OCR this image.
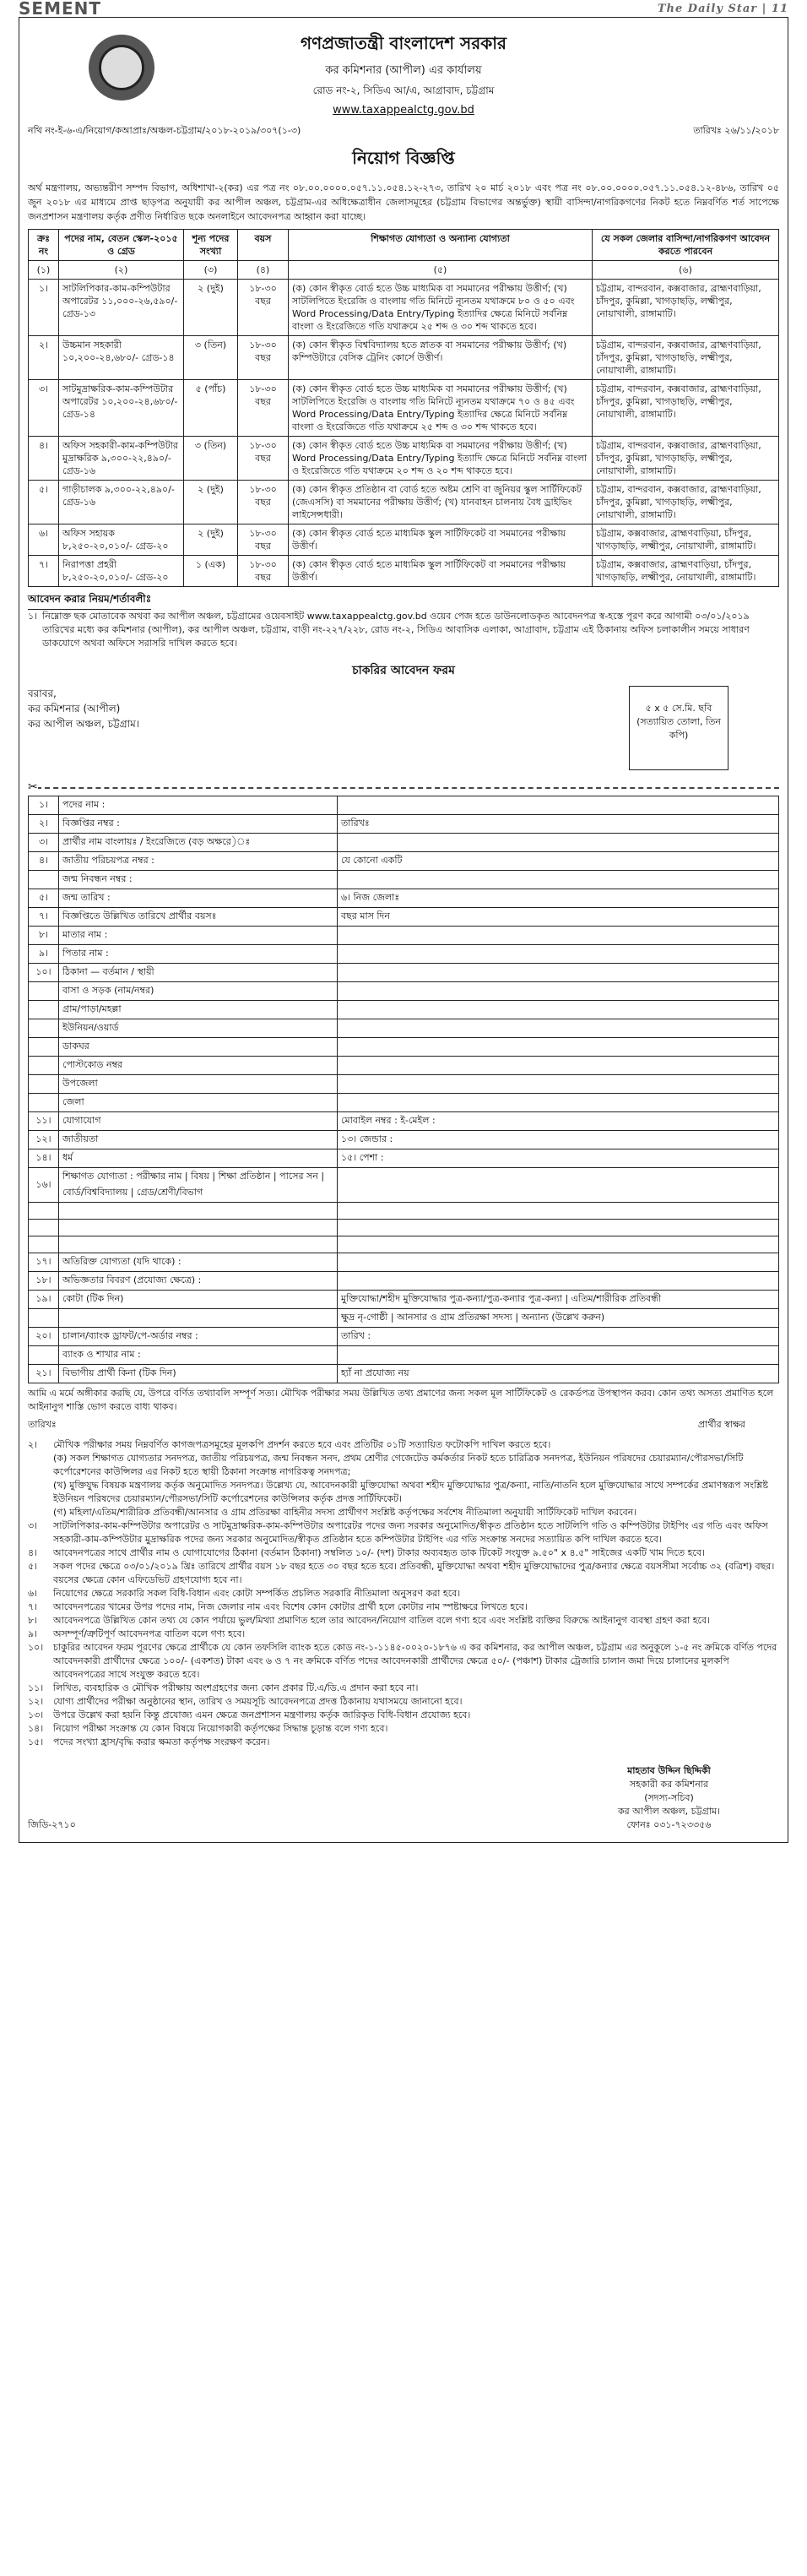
SEMENT	The Daily Star | 11
গণপ্রজাতন্ত্রী বাংলাদেশ সরকার
কর কমিশনার (আপীল) এর কার্যালয়
রোড নং-২, সিডিএ আ/এ, আগ্রাবাদ, চট্টগ্রাম
www.taxappealctg.gov.bd
নথি নং-ই-৬-এ/নিয়োগ/কআপ্রাঃ/অঞ্চল-চট্টগ্রাম/২০১৮-২০১৯/৩০৭(১-৩)	তারিখঃ ২৬/১১/২০১৮
নিয়োগ বিজ্ঞপ্তি
অর্থ মন্ত্রণালয়, অভ্যন্তরীণ সম্পদ বিভাগ, অধিশাখা-২(কর) এর পত্র নং ০৮.০০.০০০০.০৫৭.১১.০৫৪.১২-২৭৩, তারিখ ২০ মার্চ ২০১৮ এবং পত্র নং ০৮.০০.০০০০.০৫৭.১১.০৫৪.১২-৪৮৬, তারিখ ০৫ জুন ২০১৮ এর মাধ্যমে প্রাপ্ত ছাড়পত্র অনুযায়ী কর আপীল অঞ্চল, চট্টগ্রাম-এর অধিক্ষেত্রাধীন জেলাসমূহের (চট্টগ্রাম বিভাগের অন্তর্ভুক্ত) স্থায়ী বাসিন্দা/নাগরিকগণের নিকট হতে নিম্নবর্ণিত শর্ত সাপেক্ষে জনপ্রশাসন মন্ত্রণালয় কর্তৃক প্রণীত নির্ধারিত ছকে অনলাইনে আবেদনপত্র আহ্বান করা যাচ্ছে।
ক্রঃ নং	পদের নাম, বেতন স্কেল-২০১৫ ও গ্রেড	শূন্য পদের সংখ্যা	বয়স	শিক্ষাগত যোগ্যতা ও অন্যান্য যোগ্যতা	যে সকল জেলার বাসিন্দা/নাগরিকগণ আবেদন করতে পারবেন
(১)	(২)	(৩)	(৪)	(৫)	(৬)
১।	সাটলিপিকার-কাম-কম্পিউটার অপারেটর ১১,০০০-২৬,৫৯০/- গ্রেড-১৩	২ (দুই)	১৮-৩০ বছর	(ক) কোন স্বীকৃত বোর্ড হতে উচ্চ মাধ্যমিক বা সমমানের পরীক্ষায় উত্তীর্ণ; (খ) সাটলিপিতে ইংরেজি ও বাংলায় গতি মিনিটে ন্যূনতম যথাক্রমে ৮০ ও ৫০ এবং Word Processing/Data Entry/Typing ইত্যাদির ক্ষেত্রে মিনিটে সর্বনিম্ন বাংলা ও ইংরেজিতে গতি যথাক্রমে ২৫ শব্দ ও ৩০ শব্দ থাকতে হবে।	চট্টগ্রাম, বান্দরবান, কক্সবাজার, ব্রাহ্মণবাড়িয়া, চাঁদপুর, কুমিল্লা, খাগড়াছড়ি, লক্ষ্মীপুর, নোয়াখালী, রাঙ্গামাটি।
২।	উচ্চমান সহকারী ১০,২০০-২৪,৬৮০/- গ্রেড-১৪	৩ (তিন)	১৮-৩০ বছর	(ক) কোন স্বীকৃত বিশ্ববিদ্যালয় হতে স্নাতক বা সমমানের পরীক্ষায় উত্তীর্ণ; (খ) কম্পিউটারে বেসিক ট্রেনিং কোর্সে উত্তীর্ণ।	চট্টগ্রাম, বান্দরবান, কক্সবাজার, ব্রাহ্মণবাড়িয়া, চাঁদপুর, কুমিল্লা, খাগড়াছড়ি, লক্ষ্মীপুর, নোয়াখালী, রাঙ্গামাটি।
৩।	সাটমুদ্রাক্ষরিক-কাম-কম্পিউটার অপারেটর ১০,২০০-২৪,৬৮০/- গ্রেড-১৪	৫ (পাঁচ)	১৮-৩০ বছর	(ক) কোন স্বীকৃত বোর্ড হতে উচ্চ মাধ্যমিক বা সমমানের পরীক্ষায় উত্তীর্ণ; (খ) সাটলিপিতে ইংরেজি ও বাংলায় গতি মিনিটে ন্যূনতম যথাক্রমে ৭০ ও ৪৫ এবং Word Processing/Data Entry/Typing ইত্যাদির ক্ষেত্রে মিনিটে সর্বনিম্ন বাংলা ও ইংরেজিতে গতি যথাক্রমে ২৫ শব্দ ও ৩০ শব্দ থাকতে হবে।	চট্টগ্রাম, বান্দরবান, কক্সবাজার, ব্রাহ্মণবাড়িয়া, চাঁদপুর, কুমিল্লা, খাগড়াছড়ি, লক্ষ্মীপুর, নোয়াখালী, রাঙ্গামাটি।
৪।	অফিস সহকারী-কাম-কম্পিউটার মুদ্রাক্ষরিক ৯,৩০০-২২,৪৯০/- গ্রেড-১৬	৩ (তিন)	১৮-৩০ বছর	(ক) কোন স্বীকৃত বোর্ড হতে উচ্চ মাধ্যমিক বা সমমানের পরীক্ষায় উত্তীর্ণ; (খ) Word Processing/Data Entry/Typing ইত্যাদি ক্ষেত্রে মিনিটে সর্বনিম্ন বাংলা ও ইংরেজিতে গতি যথাক্রমে ২০ শব্দ ও ২০ শব্দ থাকতে হবে।	চট্টগ্রাম, বান্দরবান, কক্সবাজার, ব্রাহ্মণবাড়িয়া, চাঁদপুর, কুমিল্লা, খাগড়াছড়ি, লক্ষ্মীপুর, নোয়াখালী, রাঙ্গামাটি।
৫।	গাড়ীচালক ৯,৩০০-২২,৪৯০/- গ্রেড-১৬	২ (দুই)	১৮-৩০ বছর	(ক) কোন স্বীকৃত প্রতিষ্ঠান বা বোর্ড হতে অষ্টম শ্রেণি বা জুনিয়র স্কুল সার্টিফিকেট (জেএসসি) বা সমমানের পরীক্ষায় উত্তীর্ণ; (খ) যানবাহন চালনায় বৈধ ড্রাইভিং লাইসেন্সধারী।	চট্টগ্রাম, বান্দরবান, কক্সবাজার, ব্রাহ্মণবাড়িয়া, চাঁদপুর, কুমিল্লা, খাগড়াছড়ি, লক্ষ্মীপুর, নোয়াখালী, রাঙ্গামাটি।
৬।	অফিস সহায়ক ৮,২৫০-২০,০১০/- গ্রেড-২০	২ (দুই)	১৮-৩০ বছর	(ক) কোন স্বীকৃত বোর্ড হতে মাধ্যমিক স্কুল সার্টিফিকেট বা সমমানের পরীক্ষায় উত্তীর্ণ।	চট্টগ্রাম, কক্সবাজার, ব্রাহ্মণবাড়িয়া, চাঁদপুর, খাগড়াছড়ি, লক্ষ্মীপুর, নোয়াখালী, রাঙ্গামাটি।
৭।	নিরাপত্তা প্রহরী ৮,২৫০-২০,০১০/- গ্রেড-২০	১ (এক)	১৮-৩০ বছর	(ক) কোন স্বীকৃত বোর্ড হতে মাধ্যমিক স্কুল সার্টিফিকেট বা সমমানের পরীক্ষায় উত্তীর্ণ।	চট্টগ্রাম, কক্সবাজার, ব্রাহ্মণবাড়িয়া, চাঁদপুর, খাগড়াছড়ি, লক্ষ্মীপুর, নোয়াখালী, রাঙ্গামাটি।
আবেদন করার নিয়ম/শর্তাবলীঃ
১। নিম্নোক্ত ছক মোতাবেক অথবা কর আপীল অঞ্চল, চট্টগ্রামের ওয়েবসাইট www.taxappealctg.gov.bd ওয়েব পেজ হতে ডাউনলোডকৃত আবেদনপত্র স্ব-হস্তে পূরণ করে আগামী ০৩/০১/২০১৯ তারিখের মধ্যে কর কমিশনার (আপীল), কর আপীল অঞ্চল, চট্টগ্রাম, বাড়ী নং-২২৭/২২৮, রোড নং-২, সিডিএ আবাসিক এলাকা, আগ্রাবাদ, চট্টগ্রাম এই ঠিকানায় অফিস চলাকালীন সময়ে সাধারণ ডাকযোগে অথবা অফিসে সরাসরি দাখিল করতে হবে।
চাকরির আবেদন ফরম
বরাবর,
কর কমিশনার (আপীল)
কর আপীল অঞ্চল, চট্টগ্রাম।
৫ x ৫ সে.মি. ছবি (সত্যায়িত তোলা, তিন কপি)
✂
১।	পদের নাম :	
২।	বিজ্ঞপ্তির নম্বর :	তারিখঃ
৩।	প্রার্থীর নাম বাংলায়ঃ / ইংরেজিতে (বড় অক্ষরে)ঃ	
৪।	জাতীয় পরিচয়পত্র নম্বর :	যে কোনো একটি
	জন্ম নিবন্ধন নম্বর :	
৫।	জন্ম তারিখ :	৬। নিজ জেলাঃ
৭।	বিজ্ঞপ্তিতে উল্লিখিত তারিখে প্রার্থীর বয়সঃ	বছর মাস দিন
৮।	মাতার নাম :	
৯।	পিতার নাম :	
১০।	ঠিকানা — বর্তমান / স্থায়ী	
	বাসা ও সড়ক (নাম/নম্বর)	
	গ্রাম/পাড়া/মহল্লা	
	ইউনিয়ন/ওয়ার্ড	
	ডাকঘর	
	পোস্টকোড নম্বর	
	উপজেলা	
	জেলা	
১১।	যোগাযোগ	মোবাইল নম্বর : ই-মেইল :
১২।	জাতীয়তা	১৩। জেন্ডার :
১৪।	ধর্ম	১৫। পেশা :
১৬।	শিক্ষাগত যোগ্যতা : পরীক্ষার নাম | বিষয় | শিক্ষা প্রতিষ্ঠান | পাসের সন | বোর্ড/বিশ্ববিদ্যালয় | গ্রেড/শ্রেণী/বিভাগ	

১৭।	অতিরিক্ত যোগ্যতা (যদি থাকে) :	
১৮।	অভিজ্ঞতার বিবরণ (প্রযোজ্য ক্ষেত্রে) :	
১৯।	কোটা (টিক দিন)	মুক্তিযোদ্ধা/শহীদ মুক্তিযোদ্ধার পুত্র-কন্যা/পুত্র-কন্যার পুত্র-কন্যা | এতিম/শারীরিক প্রতিবন্ধী
		ক্ষুদ্র নৃ-গোষ্ঠী | আনসার ও গ্রাম প্রতিরক্ষা সদস্য | অন্যান্য (উল্লেখ করুন)
২০।	চালান/ব্যাংক ড্রাফট/পে-অর্ডার নম্বর :	তারিখ :
	ব্যাংক ও শাখার নাম :	
২১।	বিভাগীয় প্রার্থী কিনা (টিক দিন)	হ্যাঁ না প্রযোজ্য নয়
আমি এ মর্মে অঙ্গীকার করছি যে, উপরে বর্ণিত তথ্যাবলি সম্পূর্ণ সত্য। মৌখিক পরীক্ষার সময় উল্লিখিত তথ্য প্রমাণের জন্য সকল মূল সার্টিফিকেট ও রেকর্ডপত্র উপস্থাপন করব। কোন তথ্য অসত্য প্রমাণিত হলে আইনানুগ শাস্তি ভোগ করতে বাধ্য থাকব।
তারিখঃ	প্রার্থীর স্বাক্ষর
২।	মৌখিক পরীক্ষার সময় নিম্নবর্ণিত কাগজপত্রসমূহের মূলকপি প্রদর্শন করতে হবে এবং প্রতিটির ০১টি সত্যায়িত ফটোকপি দাখিল করতে হবে।
(ক) সকল শিক্ষাগত যোগ্যতার সনদপত্র, জাতীয় পরিচয়পত্র, জন্ম নিবন্ধন সনদ, প্রথম শ্রেণীর গেজেটেড কর্মকর্তার নিকট হতে চারিত্রিক সনদপত্র, ইউনিয়ন পরিষদের চেয়ারম্যান/পৌরসভা/সিটি কর্পোরেশনের কাউন্সিলর এর নিকট হতে স্থায়ী ঠিকানা সংক্রান্ত নাগরিকত্ব সনদপত্র;
(খ) মুক্তিযুদ্ধ বিষয়ক মন্ত্রণালয় কর্তৃক অনুমোদিত সনদপত্র। উল্লেখ্য যে, আবেদনকারী মুক্তিযোদ্ধা অথবা শহীদ মুক্তিযোদ্ধার পুত্র/কন্যা, নাতি/নাতনি হলে মুক্তিযোদ্ধার সাথে সম্পর্কের প্রমাণস্বরূপ সংশ্লিষ্ট ইউনিয়ন পরিষদের চেয়ারম্যান/পৌরসভা/সিটি কর্পোরেশনের কাউন্সিলর কর্তৃক প্রদত্ত সার্টিফিকেট।
(গ) মহিলা/এতিম/শারীরিক প্রতিবন্ধী/আনসার ও গ্রাম প্রতিরক্ষা বাহিনীর সদস্য প্রার্থীগণ সংশ্লিষ্ট কর্তৃপক্ষের সর্বশেষ নীতিমালা অনুযায়ী সার্টিফিকেট দাখিল করবেন।
৩।	সাটলিপিকার-কাম-কম্পিউটার অপারেটর ও সাটমুদ্রাক্ষরিক-কাম-কম্পিউটার অপারেটর পদের জন্য সরকার অনুমোদিত/স্বীকৃত প্রতিষ্ঠান হতে সাটলিপি গতি ও কম্পিউটার টাইপিং এর গতি এবং অফিস সহকারী-কাম-কম্পিউটার মুদ্রাক্ষরিক পদের জন্য সরকার অনুমোদিত/স্বীকৃত প্রতিষ্ঠান হতে কম্পিউটার টাইপিং এর গতি সংক্রান্ত সনদের সত্যায়িত কপি দাখিল করতে হবে।
৪।	আবেদনপত্রের সাথে প্রার্থীর নাম ও যোগাযোগের ঠিকানা (বর্তমান ঠিকানা) সম্বলিত ১০/- (দশ) টাকার অব্যবহৃত ডাক টিকেট সংযুক্ত ৯.৫০" x ৪.৫" সাইজের একটি খাম দিতে হবে।
৫।	সকল পদের ক্ষেত্রে ০৩/০১/২০১৯ খ্রিঃ তারিখে প্রার্থীর বয়স ১৮ বছর হতে ৩০ বছর হতে হবে। প্রতিবন্ধী, মুক্তিযোদ্ধা অথবা শহীদ মুক্তিযোদ্ধাদের পুত্র/কন্যার ক্ষেত্রে বয়সসীমা সর্বোচ্চ ৩২ (বত্রিশ) বছর। বয়সের ক্ষেত্রে কোন এফিডেভিট গ্রহণযোগ্য হবে না।
৬।	নিয়োগের ক্ষেত্রে সরকারি সকল বিধি-বিধান এবং কোটা সম্পর্কিত প্রচলিত সরকারি নীতিমালা অনুসরণ করা হবে।
৭।	আবেদনপত্রের খামের উপর পদের নাম, নিজ জেলার নাম এবং বিশেষ কোন কোটার প্রার্থী হলে কোটার নাম স্পষ্টাক্ষরে লিখতে হবে।
৮।	আবেদনপত্রে উল্লিখিত কোন তথ্য যে কোন পর্যায়ে ভুল/মিথ্যা প্রমাণিত হলে তার আবেদন/নিয়োগ বাতিল বলে গণ্য হবে এবং সংশ্লিষ্ট ব্যক্তির বিরুদ্ধে আইনানুগ ব্যবস্থা গ্রহণ করা হবে।
৯।	অসম্পূর্ণ/ত্রুটিপূর্ণ আবেদনপত্র বাতিল বলে গণ্য হবে।
১০।	চাকুরির আবেদন ফরম পূরণের ক্ষেত্রে প্রার্থীকে যে কোন তফসিলি ব্যাংক হতে কোড নং-১-১১৪৫-০০২০-১৮৭৬ এ কর কমিশনার, কর আপীল অঞ্চল, চট্টগ্রাম এর অনুকূলে ১-৫ নং ক্রমিকে বর্ণিত পদের আবেদনকারী প্রার্থীদের ক্ষেত্রে ১০০/- (একশত) টাকা এবং ৬ ও ৭ নং ক্রমিকে বর্ণিত পদের আবেদনকারী প্রার্থীদের ক্ষেত্রে ৫০/- (পঞ্চাশ) টাকার ট্রেজারি চালান জমা দিয়ে চালানের মূলকপি আবেদনপত্রের সাথে সংযুক্ত করতে হবে।
১১।	লিখিত, ব্যবহারিক ও মৌখিক পরীক্ষায় অংশগ্রহণের জন্য কোন প্রকার টি.এ/ডি.এ প্রদান করা হবে না।
১২।	যোগ্য প্রার্থীদের পরীক্ষা অনুষ্ঠানের স্থান, তারিখ ও সময়সূচি আবেদনপত্রে প্রদত্ত ঠিকানায় যথাসময়ে জানানো হবে।
১৩।	উপরে উল্লেখ করা হয়নি কিন্তু প্রযোজ্য এমন ক্ষেত্রে জনপ্রশাসন মন্ত্রণালয় কর্তৃক জারিকৃত বিধি-বিধান প্রযোজ্য হবে।
১৪।	নিয়োগ পরীক্ষা সংক্রান্ত যে কোন বিষয়ে নিয়োগকারী কর্তৃপক্ষের সিদ্ধান্ত চূড়ান্ত বলে গণ্য হবে।
১৫।	পদের সংখ্যা হ্রাস/বৃদ্ধি করার ক্ষমতা কর্তৃপক্ষ সংরক্ষণ করেন।
মাহতাব উদ্দিন ছিদ্দিকী
সহকারী কর কমিশনার
(সদস্য-সচিব)
কর আপীল অঞ্চল, চট্টগ্রাম।
ফোনঃ ০৩১-৭২৩৩৫৬
জিডি-২৭১০
